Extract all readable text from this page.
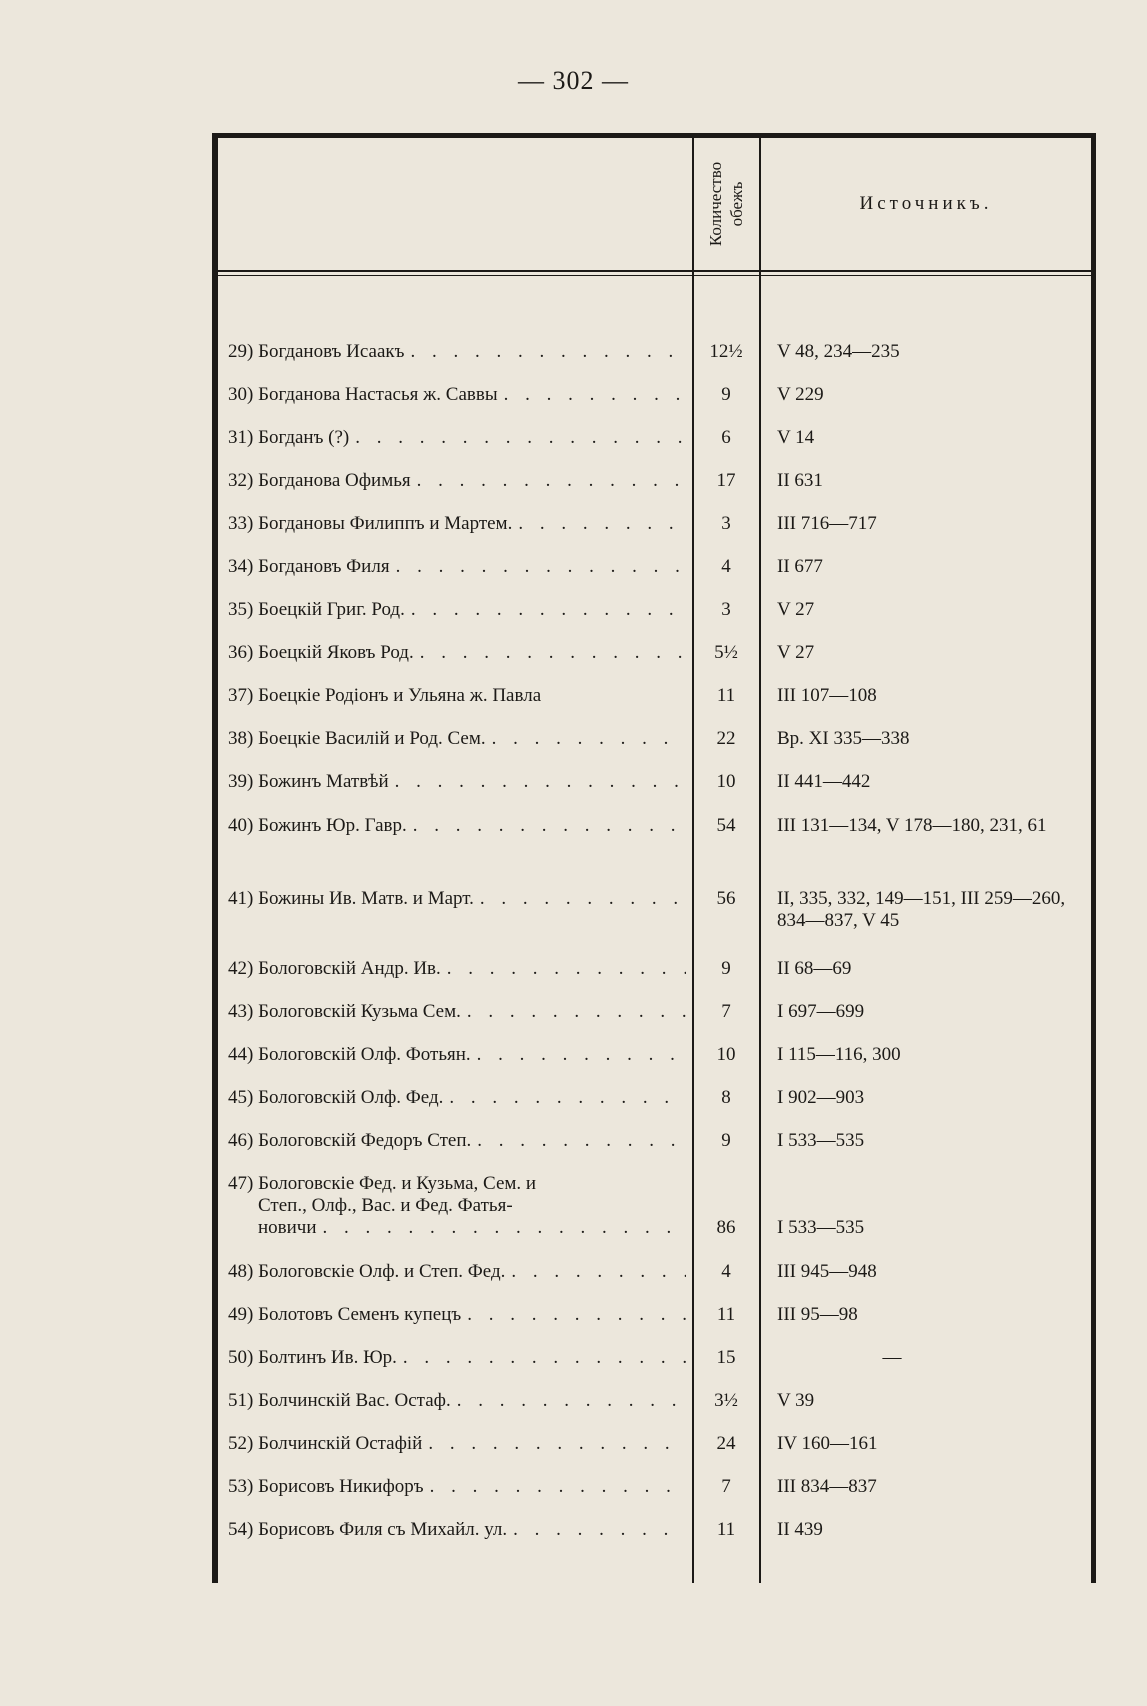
— 302 —
Количество обежъ	Источникъ.
29) Богдановъ Исаакъ . . .	12½	V 48, 234—235
30) Богданова Настасья ж. Саввы . . .	9	V 229
31) Богданъ (?) . . .	6	V 14
32) Богданова Офимья . . .	17	II 631
33) Богдановы Филиппъ и Мартем. . . .	3	III 716—717
34) Богдановъ Филя . . .	4	II 677
35) Боецкій Григ. Род. . . .	3	V 27
36) Боецкій Яковъ Род. . . .	5½	V 27
37) Боецкіе Родіонъ и Ульяна ж. Павла	11	III 107—108
38) Боецкіе Василій и Род. Сем. . . .	22	Вр. XI 335—338
39) Божинъ Матвѣй . . .	10	II 441—442
40) Божинъ Юр. Гавр. . . .	54	III 131—134, V 178—180, 231, 61
41) Божины Ив. Матв. и Март. . . .	56	II, 335, 332, 149—151, III 259—260, 834—837, V 45
42) Бологовскій Андр. Ив. . . .	9	II 68—69
43) Бологовскій Кузьма Сем. . . .	7	I 697—699
44) Бологовскій Олф. Фотьян. . . .	10	I 115—116, 300
45) Бологовскій Олф. Фед. . . .	8	I 902—903
46) Бологовскій Федоръ Степ. . . .	9	I 533—535
47) Бологовскіе Фед. и Кузьма, Сем. и
Степ., Олф., Вас. и Фед. Фатья-
новичи . . .	86	I 533—535
48) Бологовскіе Олф. и Степ. Фед. . . .	4	III 945—948
49) Болотовъ Семенъ купецъ . . .	11	III 95—98
50) Болтинъ Ив. Юр. . . .	15	—
51) Болчинскій Вас. Остаф. . . .	3½	V 39
52) Болчинскій Остафій . . .	24	IV 160—161
53) Борисовъ Никифоръ . . .	7	III 834—837
54) Борисовъ Филя съ Михайл. ул. . . .	11	II 439
